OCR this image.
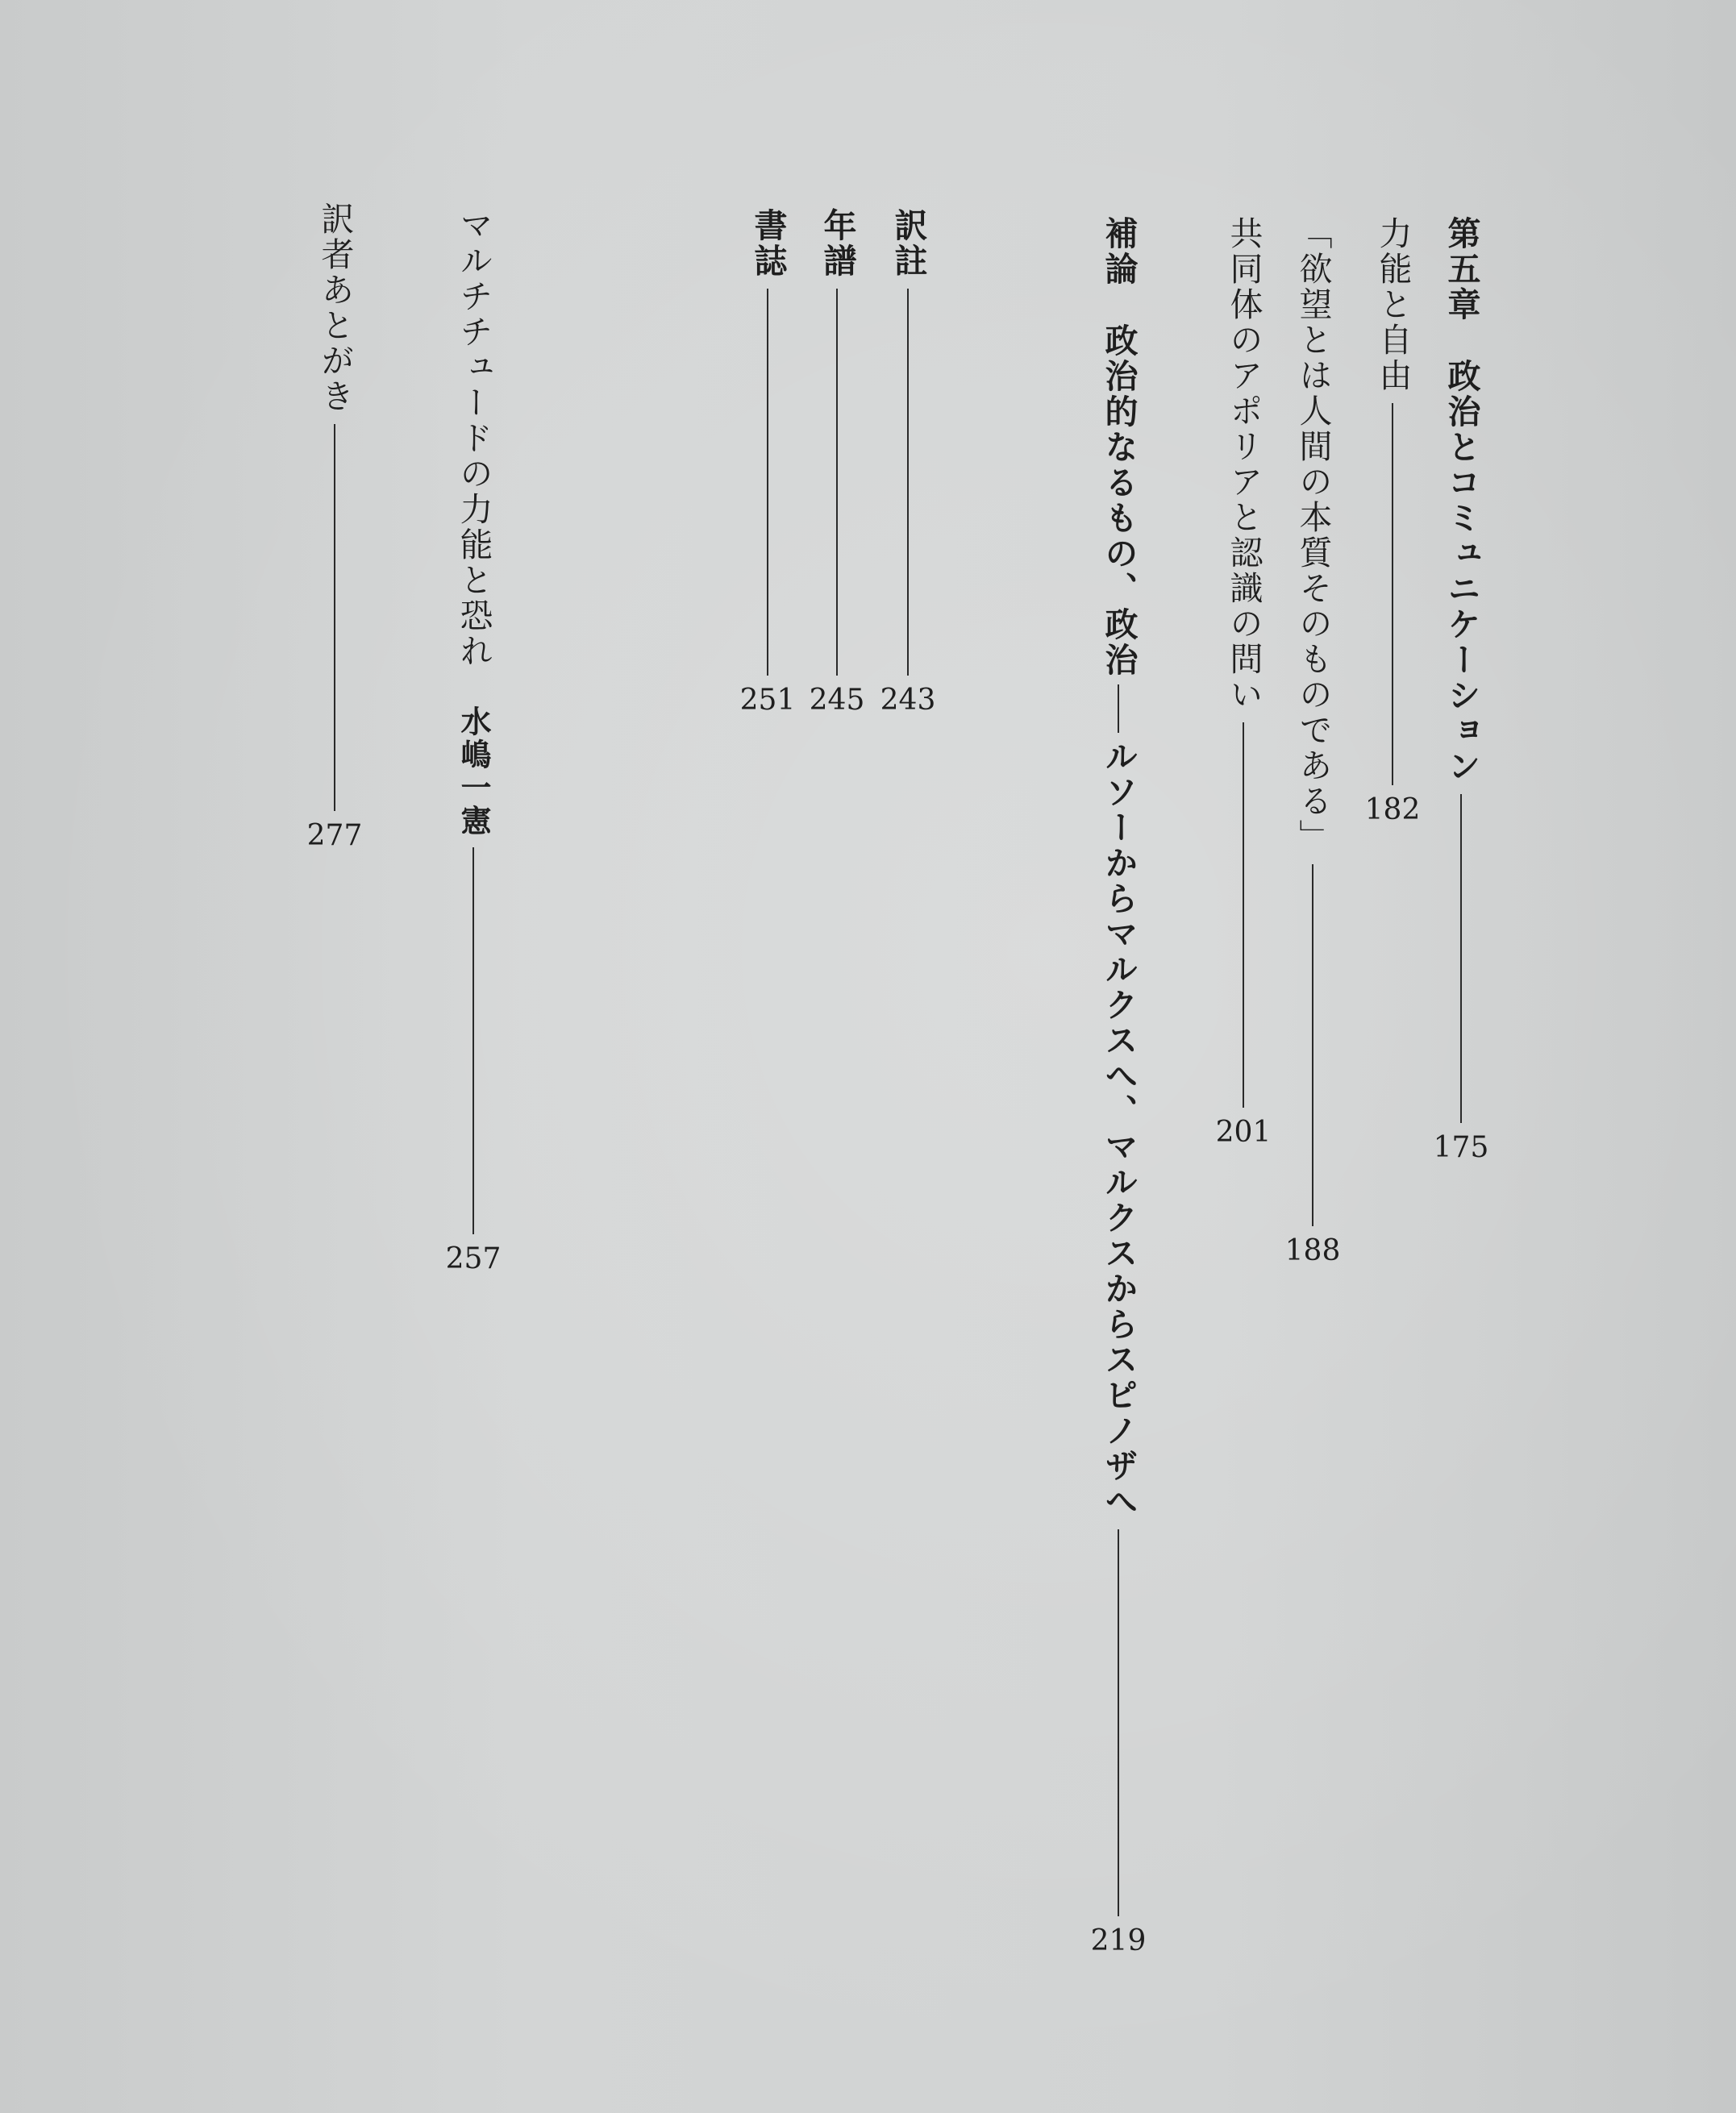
第五章
政治とコミュニケーション
175
力能と自由
182
「欲望とは人間の本質そのものである」
188
共同体のアポリアと認識の問い
201
補論
政治的なるもの、政治
ルソーからマルクスへ、マルクスからスピノザへ
219
訳註
243
年譜
245
書誌
251
マルチチュードの力能と恐れ
水嶋一憲
257
訳者あとがき
277
